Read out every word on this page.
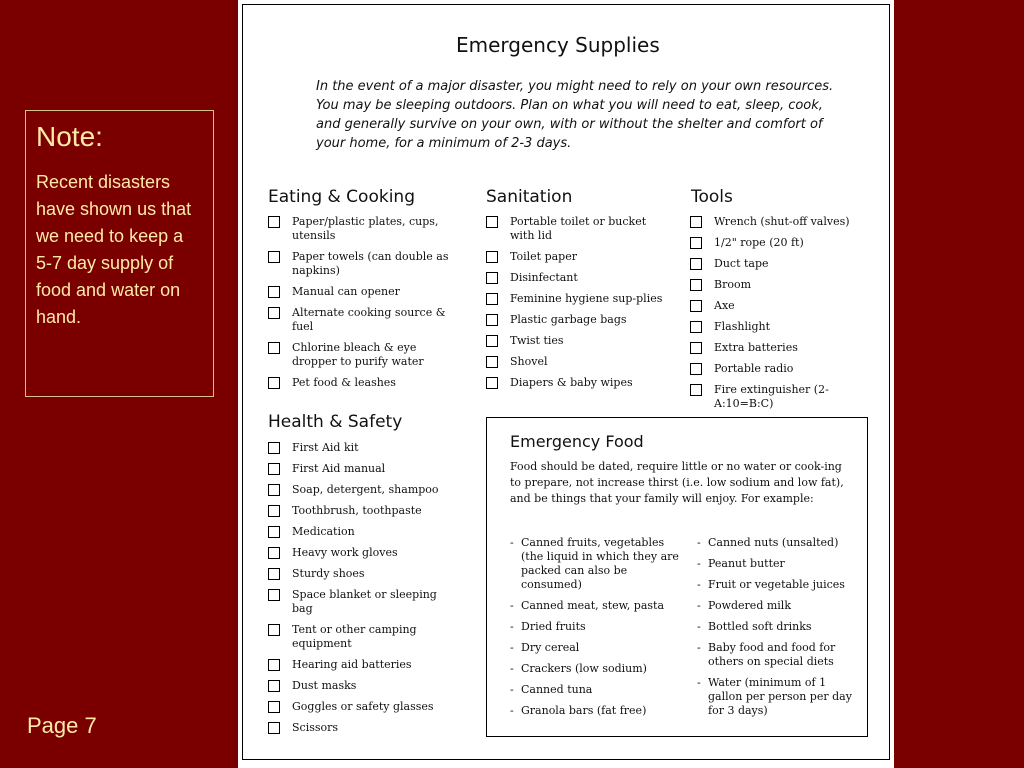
Note:
Recent disasters have shown us that we need to keep a 5-7 day supply of food and water on hand.
Page 7
Emergency Supplies
In the event of a major disaster, you might need to rely on your own resources. You may be sleeping outdoors. Plan on what you will need to eat, sleep, cook, and generally survive on your own, with or without the shelter and comfort of your home, for a minimum of 2-3 days.
Eating & Cooking
Paper/plastic plates, cups, utensils
Paper towels (can double as napkins)
Manual can opener
Alternate cooking source & fuel
Chlorine bleach & eye dropper to purify water
Pet food & leashes
Sanitation
Portable toilet or bucket with lid
Toilet paper
Disinfectant
Feminine hygiene sup-plies
Plastic garbage bags
Twist ties
Shovel
Diapers & baby wipes
Tools
Wrench (shut-off valves)
1/2" rope (20 ft)
Duct tape
Broom
Axe
Flashlight
Extra batteries
Portable radio
Fire extinguisher (2-A:10=B:C)
Health & Safety
First Aid kit
First Aid manual
Soap, detergent, shampoo
Toothbrush, toothpaste
Medication
Heavy work gloves
Sturdy shoes
Space blanket or sleeping bag
Tent or other camping equipment
Hearing aid batteries
Dust masks
Goggles or safety glasses
Scissors
Emergency Food
Food should be dated, require little or no water or cook-ing to prepare, not increase thirst (i.e. low sodium and low fat), and be things that your family will enjoy. For example:
- Canned fruits, vegetables (the liquid in which they are packed can also be consumed)
- Canned meat, stew, pasta
- Dried fruits
- Dry cereal
- Crackers (low sodium)
- Canned tuna
- Granola bars (fat free)
- Canned nuts (unsalted)
- Peanut butter
- Fruit or vegetable juices
- Powdered milk
- Bottled soft drinks
- Baby food and food for others on special diets
- Water (minimum of 1 gallon per person per day for 3 days)
